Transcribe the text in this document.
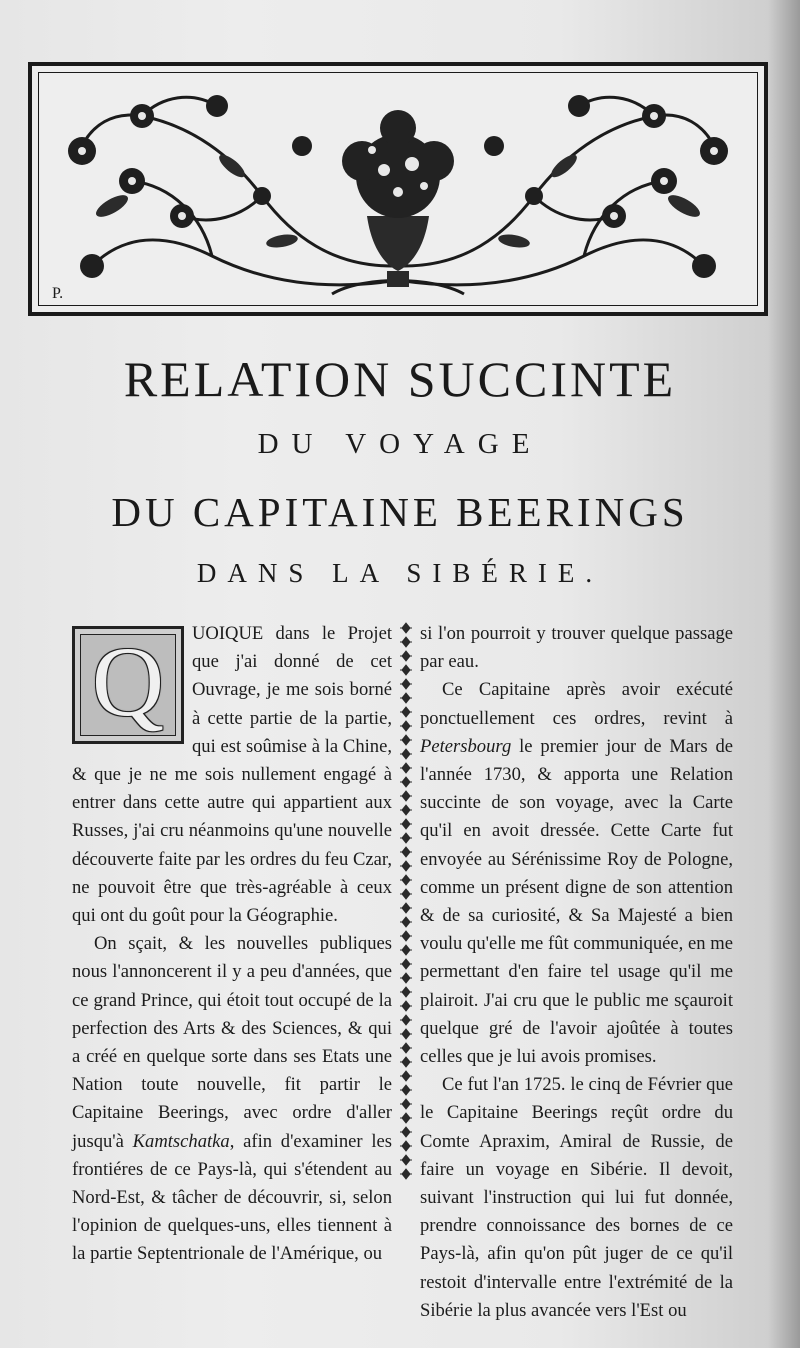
P.
RELATION SUCCINTE
DU VOYAGE
DU CAPITAINE BEERINGS
DANS LA SIBÉRIE.
Q	UOIQUE dans le Projet que j'ai donné de cet Ouvrage, je me sois borné à cette partie de la partie, qui est soûmise à la Chine, & que je ne me sois nullement engagé à entrer dans cette autre qui appartient aux Russes, j'ai cru néanmoins qu'une nouvelle découverte faite par les ordres du feu Czar, ne pouvoit être que très-agréable à ceux qui ont du goût pour la Géographie.

On sçait, & les nouvelles publiques nous l'annoncerent il y a peu d'années, que ce grand Prince, qui étoit tout occupé de la perfection des Arts & des Sciences, & qui a créé en quelque sorte dans ses Etats une Nation toute nouvelle, fit partir le Capitaine Beerings, avec ordre d'aller jusqu'à Kamtschatka, afin d'examiner les frontiéres de ce Pays-là, qui s'étendent au Nord-Est, & tâcher de découvrir, si, selon l'opinion de quelques-uns, elles tiennent à la partie Septentrionale de l'Amérique, ou

si l'on pourroit y trouver quelque passage par eau.

Ce Capitaine après avoir exécuté ponctuellement ces ordres, revint à Petersbourg le premier jour de Mars de l'année 1730, & apporta une Relation succinte de son voyage, avec la Carte qu'il en avoit dressée. Cette Carte fut envoyée au Sérénissime Roy de Pologne, comme un présent digne de son attention & de sa curiosité, & Sa Majesté a bien voulu qu'elle me fût communiquée, en me permettant d'en faire tel usage qu'il me plairoit. J'ai cru que le public me sçauroit quelque gré de l'avoir ajoûtée à toutes celles que je lui avois promises.

Ce fut l'an 1725. le cinq de Février que le Capitaine Beerings reçût ordre du Comte Apraxim, Amiral de Russie, de faire un voyage en Sibérie. Il devoit, suivant l'instruction qui lui fut donnée, prendre connoissance des bornes de ce Pays-là, afin qu'on pût juger de ce qu'il restoit d'intervalle entre l'extrémité de la Sibérie la plus avancée vers l'Est ou
